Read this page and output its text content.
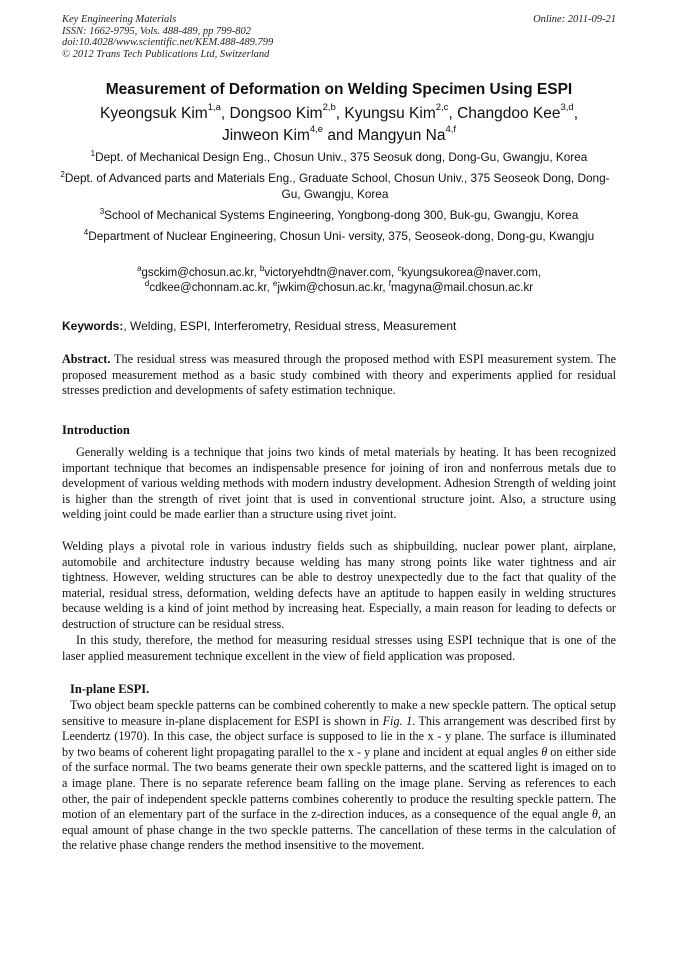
Key Engineering Materials
ISSN: 1662-9795, Vols. 488-489, pp 799-802
doi:10.4028/www.scientific.net/KEM.488-489.799
© 2012 Trans Tech Publications Ltd, Switzerland
Online: 2011-09-21
Measurement of Deformation on Welding Specimen Using ESPI
Kyeongsuk Kim$^{1,a}$, Dongsoo Kim$^{2,b}$, Kyungsu Kim$^{2,c}$, Changdoo Kee$^{3,d}$,
Jinweon Kim$^{4,e}$ and Mangyun Na$^{4,f}$
$^1$Dept. of Mechanical Design Eng., Chosun Univ., 375 Seosuk dong, Dong-Gu, Gwangju, Korea
$^2$Dept. of Advanced parts and Materials Eng., Graduate School, Chosun Univ., 375 Seoseok Dong, Dong-Gu, Gwangju, Korea
$^3$School of Mechanical Systems Engineering, Yongbong-dong 300, Buk-gu, Gwangju, Korea
$^4$Department of Nuclear Engineering, Chosun Uni- versity, 375, Seoseok-dong, Dong-gu, Kwangju
$^a$gsckim@chosun.ac.kr, $^b$victoryehdtn@naver.com, $^c$kyungsukorea@naver.com,
$^d$cdkee@chonnam.ac.kr, $^e$jwkim@chosun.ac.kr, $^f$magyna@mail.chosun.ac.kr
Keywords:, Welding, ESPI, Interferometry, Residual stress, Measurement
Abstract. The residual stress was measured through the proposed method with ESPI measurement system. The proposed measurement method as a basic study combined with theory and experiments applied for residual stresses prediction and developments of safety estimation technique.
Introduction
Generally welding is a technique that joins two kinds of metal materials by heating. It has been recognized important technique that becomes an indispensable presence for joining of iron and nonferrous metals due to development of various welding methods with modern industry development. Adhesion Strength of welding joint is higher than the strength of rivet joint that is used in conventional structure joint. Also, a structure using welding joint could be made earlier than a structure using rivet joint.
Welding plays a pivotal role in various industry fields such as shipbuilding, nuclear power plant, airplane, automobile and architecture industry because welding has many strong points like water tightness and air tightness. However, welding structures can be able to destroy unexpectedly due to the fact that quality of the material, residual stress, deformation, welding defects have an aptitude to happen easily in welding structures because welding is a kind of joint method by increasing heat. Especially, a main reason for leading to defects or destruction of structure can be residual stress.
In this study, therefore, the method for measuring residual stresses using ESPI technique that is one of the laser applied measurement technique excellent in the view of field application was proposed.
In-plane ESPI.
Two object beam speckle patterns can be combined coherently to make a new speckle pattern. The optical setup sensitive to measure in-plane displacement for ESPI is shown in Fig. 1. This arrangement was described first by Leendertz (1970). In this case, the object surface is supposed to lie in the x - y plane. The surface is illuminated by two beams of coherent light propagating parallel to the x - y plane and incident at equal angles θ on either side of the surface normal. The two beams generate their own speckle patterns, and the scattered light is imaged on to a image plane. There is no separate reference beam falling on the image plane. Serving as references to each other, the pair of independent speckle patterns combines coherently to produce the resulting speckle pattern. The motion of an elementary part of the surface in the z-direction induces, as a consequence of the equal angle θ, an equal amount of phase change in the two speckle patterns. The cancellation of these terms in the calculation of the relative phase change renders the method insensitive to the movement.
